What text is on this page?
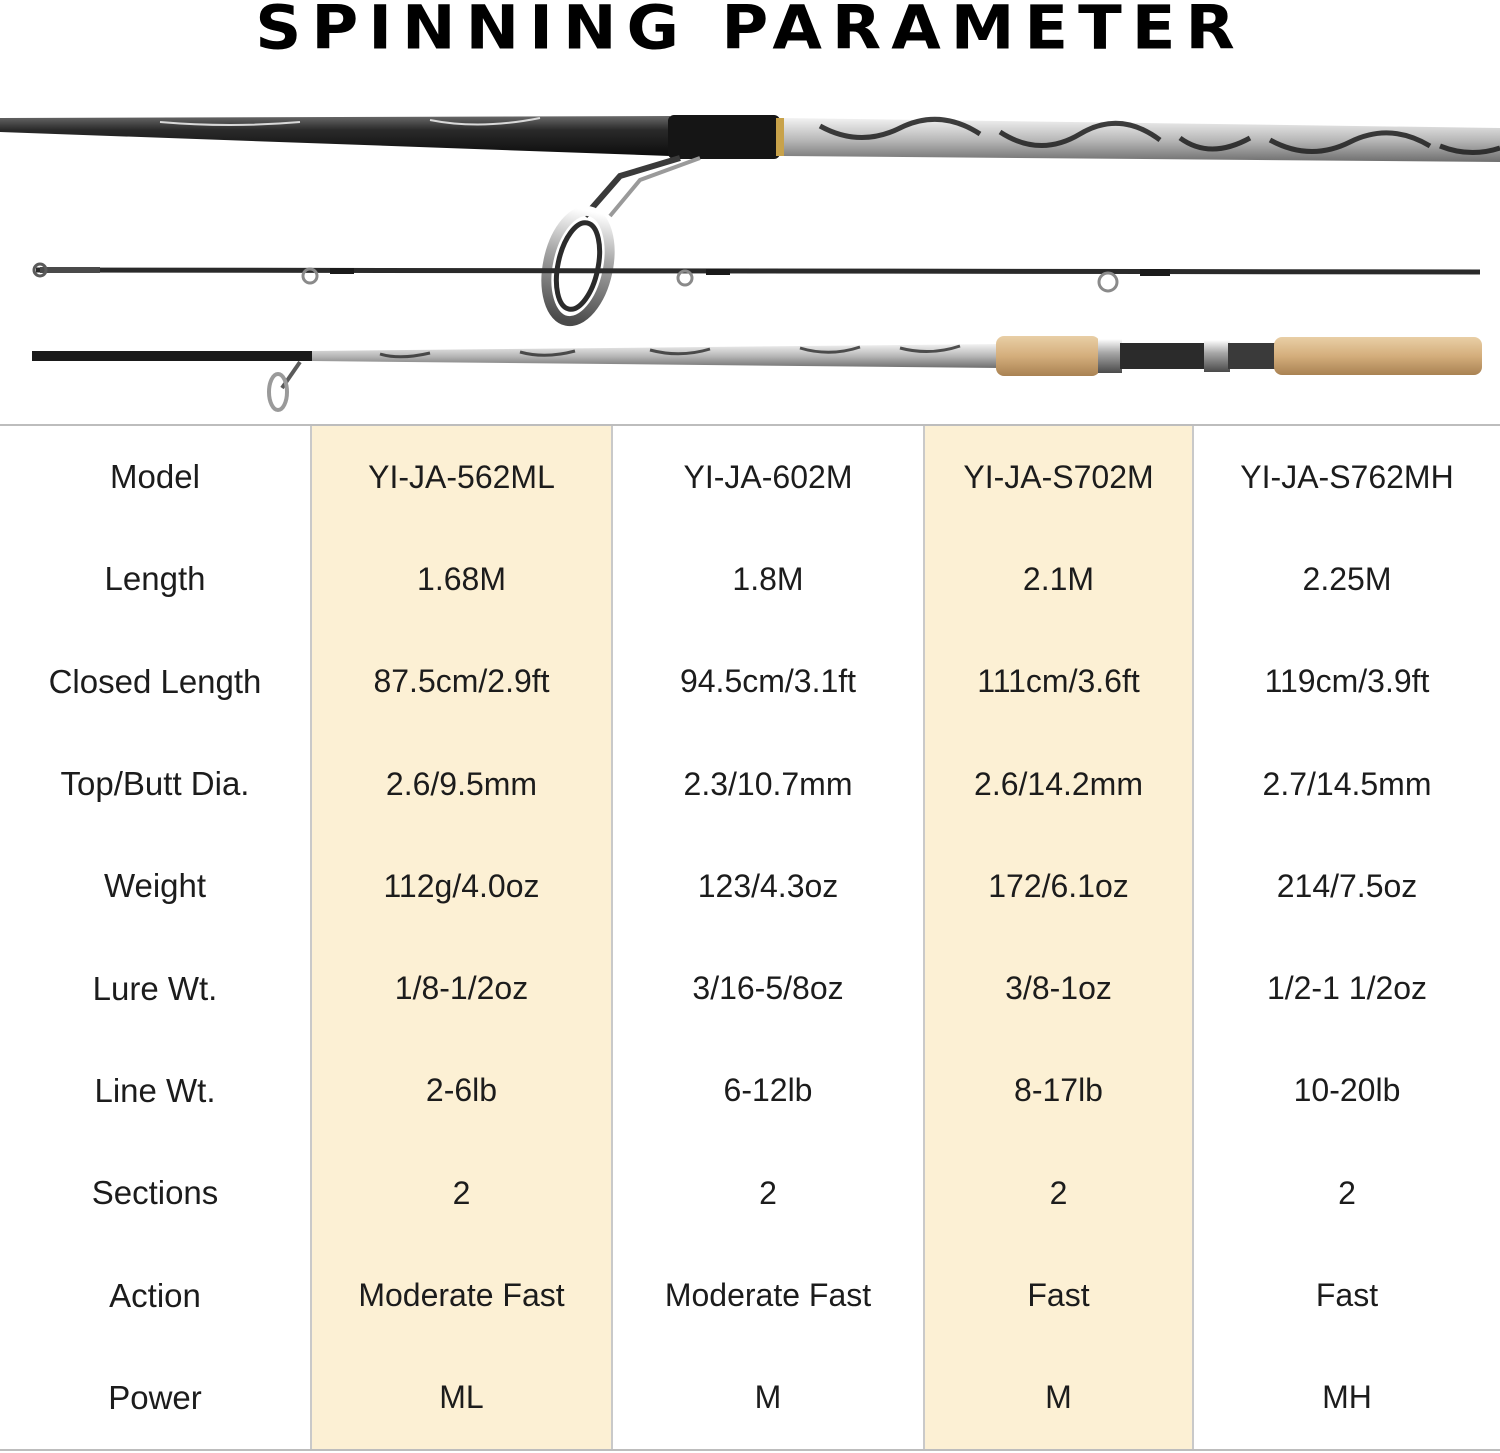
SPINNING PARAMETER
Model	YI-JA-562ML	YI-JA-602M	YI-JA-S702M	YI-JA-S762MH
Length	1.68M	1.8M	2.1M	2.25M
Closed Length	87.5cm/2.9ft	94.5cm/3.1ft	111cm/3.6ft	119cm/3.9ft
Top/Butt Dia.	2.6/9.5mm	2.3/10.7mm	2.6/14.2mm	2.7/14.5mm
Weight	112g/4.0oz	123/4.3oz	172/6.1oz	214/7.5oz
Lure Wt.	1/8-1/2oz	3/16-5/8oz	3/8-1oz	1/2-1 1/2oz
Line Wt.	2-6lb	6-12lb	8-17lb	10-20lb
Sections	2	2	2	2
Action	Moderate Fast	Moderate Fast	Fast	Fast
Power	ML	M	M	MH
